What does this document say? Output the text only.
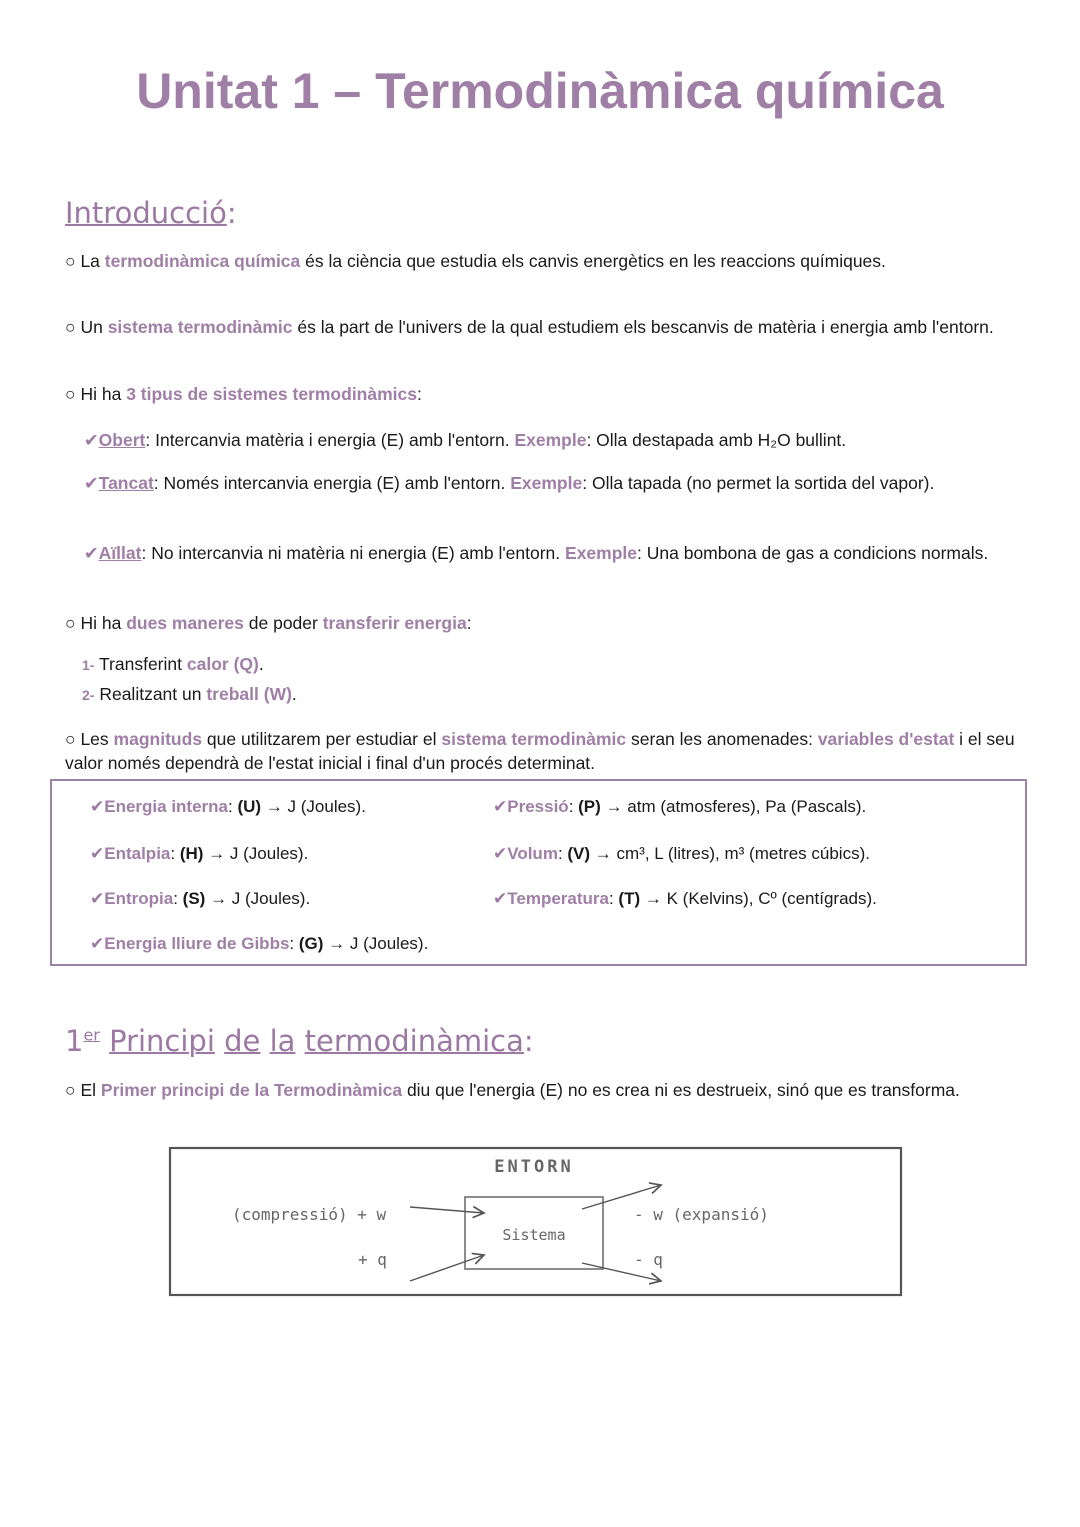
Unitat 1 – Termodinàmica química
Introducció:

○ La termodinàmica química és la ciència que estudia els canvis energètics en les reaccions químiques.

○ Un sistema termodinàmic és la part de l'univers de la qual estudiem els bescanvis de matèria i energia amb l'entorn.

○ Hi ha 3 tipus de sistemes termodinàmics:

✔Obert: Intercanvia matèria i energia (E) amb l'entorn. Exemple: Olla destapada amb H₂O bullint.
✔Tancat: Només intercanvia energia (E) amb l'entorn. Exemple: Olla tapada (no permet la sortida del vapor).
✔Aïllat: No intercanvia ni matèria ni energia (E) amb l'entorn. Exemple: Una bombona de gas a condicions normals.

○ Hi ha dues maneres de poder transferir energia:

1- Transferint calor (Q).
2- Realitzant un treball (W).

○ Les magnituds que utilitzarem per estudiar el sistema termodinàmic seran les anomenades: variables d'estat i el seu valor només dependrà de l'estat inicial i final d'un procés determinat.

✔Energia interna: (U) → J (Joules).	✔Pressió: (P) → atm (atmosferes), Pa (Pascals).
✔Entalpia: (H) → J (Joules).	✔Volum: (V) → cm³, L (litres), m³ (metres cúbics).
✔Entropia: (S) → J (Joules).	✔Temperatura: (T) → K (Kelvins), Cº (centígrads).
✔Energia lliure de Gibbs: (G) → J (Joules).
1er Principi de la termodinàmica:

○ El Primer principi de la Termodinàmica diu que l'energia (E) no es crea ni es destrueix, sinó que es transforma.

ENTORN
Sistema
(compressió) + w
+ q
- w (expansió)
- q
